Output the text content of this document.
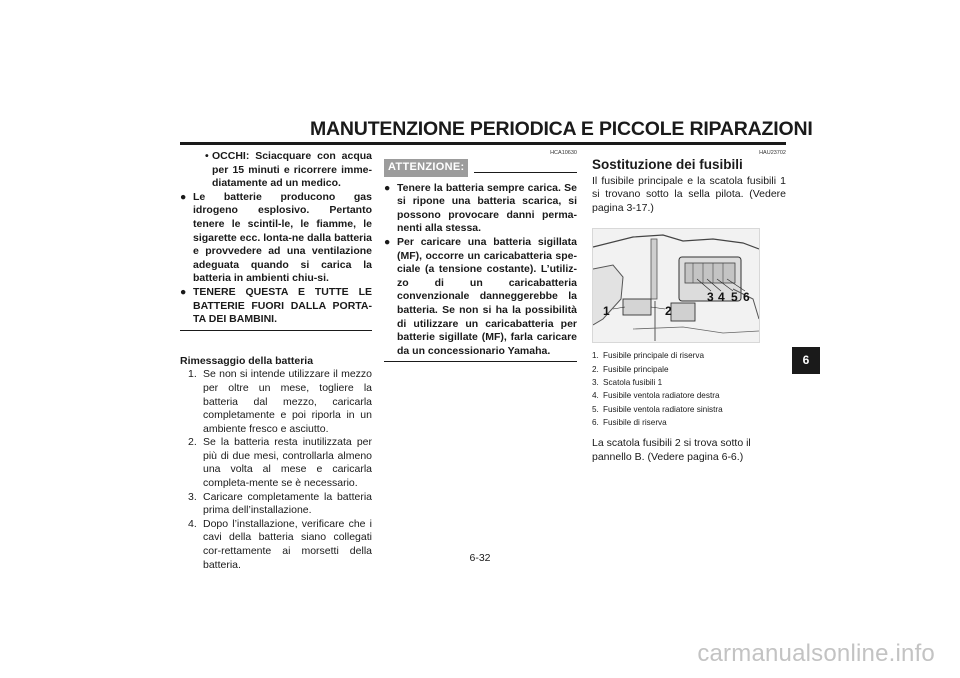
MANUTENZIONE PERIODICA E PICCOLE RIPARAZIONI
• OCCHI: Sciacquare con acqua per 15 minuti e ricorrere imme-diatamente ad un medico.
● Le batterie producono gas idrogeno esplosivo. Pertanto tenere le scintil-le, le fiamme, le sigarette ecc. lonta-ne dalla batteria e provvedere ad una ventilazione adeguata quando si carica la batteria in ambienti chiu-si.
● TENERE QUESTA E TUTTE LE BATTERIE FUORI DALLA PORTA-TA DEI BAMBINI.
Rimessaggio della batteria
1. Se non si intende utilizzare il mezzo per oltre un mese, togliere la batteria dal mezzo, caricarla completamente e poi riporla in un ambiente fresco e asciutto.
2. Se la batteria resta inutilizzata per più di due mesi, controllarla almeno una volta al mese e caricarla completa-mente se è necessario.
3. Caricare completamente la batteria prima dell’installazione.
4. Dopo l’installazione, verificare che i cavi della batteria siano collegati cor-rettamente ai morsetti della batteria.
HCA10630
ATTENZIONE:
● Tenere la batteria sempre carica. Se si ripone una batteria scarica, si possono provocare danni perma-nenti alla stessa.
● Per caricare una batteria sigillata (MF), occorre un caricabatteria spe-ciale (a tensione costante). L’utiliz-zo di un caricabatteria convenzionale danneggerebbe la batteria. Se non si ha la possibilità di utilizzare un caricabatteria per batterie sigillate (MF), farla caricare da un concessionario Yamaha.
HAU23702
Sostituzione dei fusibili
Il fusibile principale e la scatola fusibili 1 si trovano sotto la sella pilota. (Vedere pagina 3-17.)
1	2
3 4 5 6
1. Fusibile principale di riserva
2. Fusibile principale
3. Scatola fusibili 1
4. Fusibile ventola radiatore destra
5. Fusibile ventola radiatore sinistra
6. Fusibile di riserva
La scatola fusibili 2 si trova sotto il pannello B. (Vedere pagina 6-6.)
6
6-32
carmanualsonline.info
